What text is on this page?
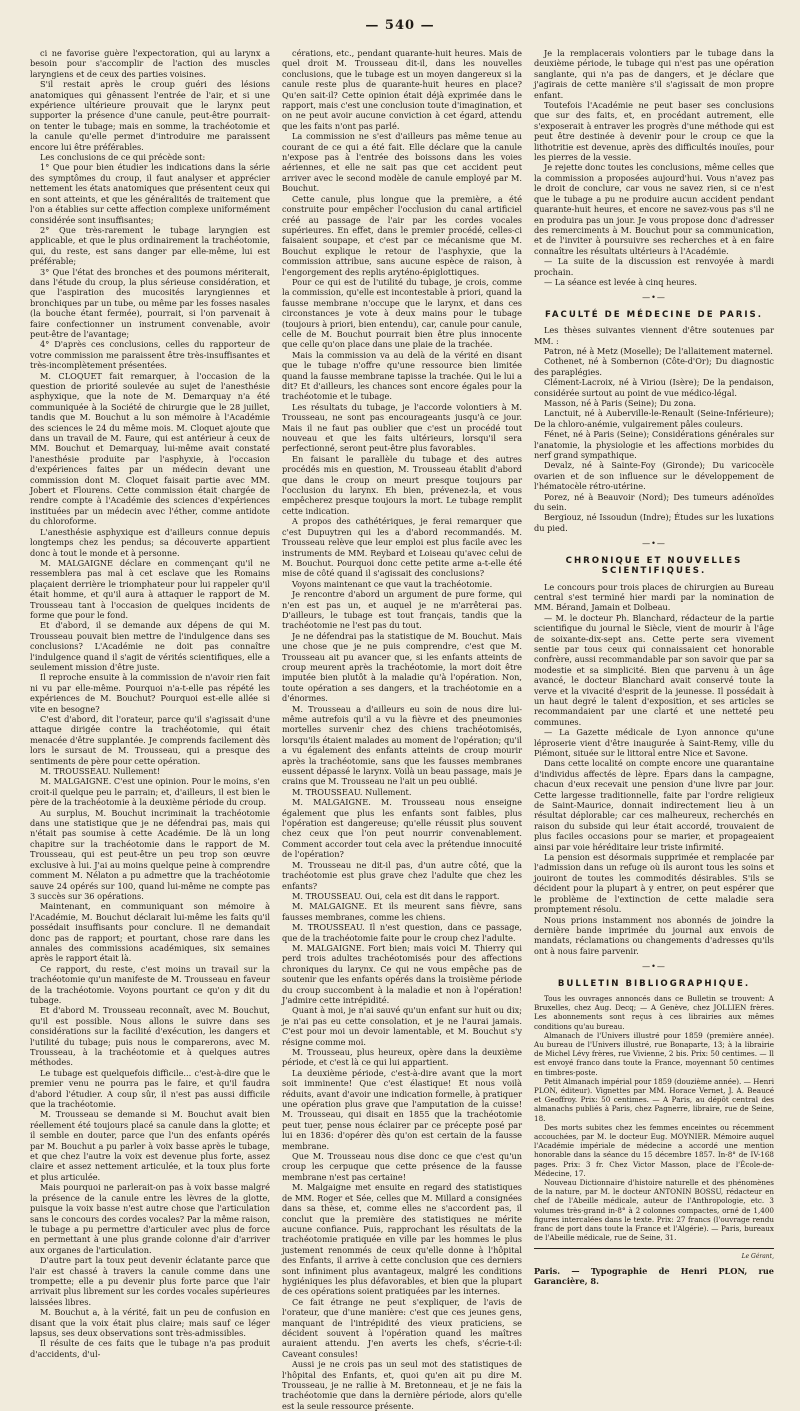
— 540 —

ci ne favorise guère l'expectoration, qui au larynx a besoin pour s'accomplir de l'action des muscles laryngiens et de ceux des parties voisines.

S'il restait après le croup guéri des lésions anatomiques qui gênassent l'entrée de l'air, et si une expérience ultérieure prouvait que le larynx peut supporter la présence d'une canule, peut-être pourrait-on tenter le tubage; mais en somme, la trachéotomie et la canule qu'elle permet d'introduire me paraissent encore lui être préférables.

Les conclusions de ce qui précède sont:

1° Que pour bien étudier les indications dans la série des symptômes du croup, il faut analyser et apprécier nettement les états anatomiques que présentent ceux qui en sont atteints, et que les généralités de traitement que l'on a établies sur cette affection complexe uniformément considérée sont insuffisantes;

2° Que très-rarement le tubage laryngien est applicable, et que le plus ordinairement la trachéotomie, qui, du reste, est sans danger par elle-même, lui est préférable;

3° Que l'état des bronches et des poumons mériterait, dans l'étude du croup, la plus sérieuse considération, et que l'aspiration des mucosités laryngiennes et bronchiques par un tube, ou même par les fosses nasales (la bouche étant fermée), pourrait, si l'on parvenait à faire confectionner un instrument convenable, avoir peut-être de l'avantage;

4° D'après ces conclusions, celles du rapporteur de votre commission me paraissent être très-insuffisantes et très-incomplètement présentées.

M. CLOQUET fait remarquer, à l'occasion de la question de priorité soulevée au sujet de l'anesthésie asphyxique, que la note de M. Demarquay n'a été communiquée à la Société de chirurgie que le 28 juillet, tandis que M. Bouchut a lu son mémoire à l'Académie des sciences le 24 du même mois. M. Cloquet ajoute que dans un travail de M. Faure, qui est antérieur à ceux de MM. Bouchut et Demarquay, lui-même avait constaté l'anesthésie produite par l'asphyxie, à l'occasion d'expériences faites par un médecin devant une commission dont M. Cloquet faisait partie avec MM. Jobert et Flourens. Cette commission était chargée de rendre compte à l'Académie des sciences d'expériences instituées par un médecin avec l'éther, comme antidote du chloroforme.

L'anesthésie asphyxique est d'ailleurs connue depuis longtemps chez les pendus; sa découverte appartient donc à tout le monde et à personne.

M. MALGAIGNE déclare en commençant qu'il ne ressemblera pas mal à cet esclave que les Romains plaçaient derrière le triomphateur pour lui rappeler qu'il était homme, et qu'il aura à attaquer le rapport de M. Trousseau tant à l'occasion de quelques incidents de forme que pour le fond.

Et d'abord, il se demande aux dépens de qui M. Trousseau pouvait bien mettre de l'indulgence dans ses conclusions? L'Académie ne doit pas connaître l'indulgence quand il s'agit de vérités scientifiques, elle a seulement mission d'être juste.

Il reproche ensuite à la commission de n'avoir rien fait ni vu par elle-même. Pourquoi n'a-t-elle pas répété les expériences de M. Bouchut? Pourquoi est-elle allée si vite en besogne?

C'est d'abord, dit l'orateur, parce qu'il s'agissait d'une attaque dirigée contre la trachéotomie, qui était menacée d'être supplantée. Je comprends facilement dès lors le sursaut de M. Trousseau, qui a presque des sentiments de père pour cette opération.

M. TROUSSEAU. Nullement!

M. MALGAIGNE. C'est une opinion. Pour le moins, s'en croit-il quelque peu le parrain; et, d'ailleurs, il est bien le père de la trachéotomie à la deuxième période du croup.

Au surplus, M. Bouchut incriminait la trachéotomie dans une statistique que je ne défendrai pas, mais qui n'était pas soumise à cette Académie. De là un long chapitre sur la trachéotomie dans le rapport de M. Trousseau, qui est peut-être un peu trop son œuvre exclusive à lui. J'ai au moins quelque peine à comprendre comment M. Nélaton a pu admettre que la trachéotomie sauve 24 opérés sur 100, quand lui-même ne compte pas 3 succès sur 36 opérations.

Maintenant, en communiquant son mémoire à l'Académie, M. Bouchut déclarait lui-même les faits qu'il possédait insuffisants pour conclure. Il ne demandait donc pas de rapport; et pourtant, chose rare dans les annales des commissions académiques, six semaines après le rapport était là.

Ce rapport, du reste, c'est moins un travail sur la trachéotomie qu'un manifeste de M. Trousseau en faveur de la trachéotomie. Voyons pourtant ce qu'on y dit du tubage.

Et d'abord M. Trousseau reconnaît, avec M. Bouchut, qu'il est possible. Nous allons le suivre dans ses considérations sur la facilité d'exécution, les dangers et l'utilité du tubage; puis nous le comparerons, avec M. Trousseau, à la trachéotomie et à quelques autres méthodes.

Le tubage est quelquefois difficile... c'est-à-dire que le premier venu ne pourra pas le faire, et qu'il faudra d'abord l'étudier. A coup sûr, il n'est pas aussi difficile que la trachéotomie.

M. Trousseau se demande si M. Bouchut avait bien réellement été toujours placé sa canule dans la glotte; et il semble en douter, parce que l'un des enfants opérés par M. Bouchut a pu parler à voix basse après le tubage, et que chez l'autre la voix est devenue plus forte, assez claire et assez nettement articulée, et la toux plus forte et plus articulée.

Mais pourquoi ne parlerait-on pas à voix basse malgré la présence de la canule entre les lèvres de la glotte, puisque la voix basse n'est autre chose que l'articulation sans le concours des cordes vocales? Par la même raison, le tubage a pu permettre d'articuler avec plus de force en permettant à une plus grande colonne d'air d'arriver aux organes de l'articulation.

D'autre part la toux peut devenir éclatante parce que l'air est chassé à travers la canule comme dans une trompette; elle a pu devenir plus forte parce que l'air arrivait plus librement sur les cordes vocales supérieures laissées libres.

M. Bouchut a, à la vérité, fait un peu de confusion en disant que la voix était plus claire; mais sauf ce léger lapsus, ses deux observations sont très-admissibles.

Il résulte de ces faits que le tubage n'a pas produit d'accidents, d'ul-

cérations, etc., pendant quarante-huit heures. Mais de quel droit M. Trousseau dit-il, dans les nouvelles conclusions, que le tubage est un moyen dangereux si la canule reste plus de quarante-huit heures en place? Qu'en sait-il? Cette opinion était déjà exprimée dans le rapport, mais c'est une conclusion toute d'imagination, et on ne peut avoir aucune conviction à cet égard, attendu que les faits n'ont pas parlé.

La commission ne s'est d'ailleurs pas même tenue au courant de ce qui a été fait. Elle déclare que la canule n'expose pas à l'entrée des boissons dans les voies aériennes, et elle ne sait pas que cet accident peut arriver avec le second modèle de canule employé par M. Bouchut.

Cette canule, plus longue que la première, a été construite pour empêcher l'occlusion du canal artificiel créé au passage de l'air par les cordes vocales supérieures. En effet, dans le premier procédé, celles-ci faisaient soupape, et c'est par ce mécanisme que M. Bouchut explique le retour de l'asphyxie, que la commission attribue, sans aucune espèce de raison, à l'engorgement des replis aryténo-épiglottiques.

Pour ce qui est de l'utilité du tubage, je crois, comme la commission, qu'elle est incontestable à priori, quand la fausse membrane n'occupe que le larynx, et dans ces circonstances je vote à deux mains pour le tubage (toujours à priori, bien entendu), car, canule pour canule, celle de M. Bouchut pourrait bien être plus innocente que celle qu'on place dans une plaie de la trachée.

Mais la commission va au delà de la vérité en disant que le tubage n'offre qu'une ressource bien limitée quand la fausse membrane tapisse la trachée. Qui le lui a dit? Et d'ailleurs, les chances sont encore égales pour la trachéotomie et le tubage.

Les résultats du tubage, je l'accorde volontiers à M. Trousseau, ne sont pas encourageants jusqu'à ce jour. Mais il ne faut pas oublier que c'est un procédé tout nouveau et que les faits ultérieurs, lorsqu'il sera perfectionné, seront peut-être plus favorables.

En faisant le parallèle du tubage et des autres procédés mis en question, M. Trousseau établit d'abord que dans le croup on meurt presque toujours par l'occlusion du larynx. Eh bien, prévenez-la, et vous empêcherez presque toujours la mort. Le tubage remplit cette indication.

A propos des cathétériques, je ferai remarquer que c'est Dupuytren qui les a d'abord recommandés. M. Trousseau relève que leur emploi est plus facile avec les instruments de MM. Reybard et Loiseau qu'avec celui de M. Bouchut. Pourquoi donc cette petite arme a-t-elle été mise de côté quand il s'agissait des conclusions?

Voyons maintenant ce que vaut la trachéotomie.

Je rencontre d'abord un argument de pure forme, qui n'en est pas un, et auquel je ne m'arrêterai pas. D'ailleurs, le tubage est tout français, tandis que la trachéotomie ne l'est pas du tout.

Je ne défendrai pas la statistique de M. Bouchut. Mais une chose que je ne puis comprendre, c'est que M. Trousseau ait pu avancer que, si les enfants atteints de croup meurent après la trachéotomie, la mort doit être imputée bien plutôt à la maladie qu'à l'opération. Non, toute opération a ses dangers, et la trachéotomie en a d'énormes.

M. Trousseau a d'ailleurs eu soin de nous dire lui-même autrefois qu'il a vu la fièvre et des pneumonies mortelles survenir chez des chiens trachéotomisés, lorsqu'ils étaient malades au moment de l'opération; qu'il a vu également des enfants atteints de croup mourir après la trachéotomie, sans que les fausses membranes eussent dépassé le larynx. Voilà un beau passage, mais je crains que M. Trousseau ne l'ait un peu oublié.

M. TROUSSEAU. Nullement.

M. MALGAIGNE. M. Trousseau nous enseigne également que plus les enfants sont faibles, plus l'opération est dangereuse; qu'elle réussit plus souvent chez ceux que l'on peut nourrir convenablement. Comment accorder tout cela avec la prétendue innocuité de l'opération?

M. Trousseau ne dit-il pas, d'un autre côté, que la trachéotomie est plus grave chez l'adulte que chez les enfants?

M. TROUSSEAU. Oui, cela est dit dans le rapport.

M. MALGAIGNE. Et ils meurent sans fièvre, sans fausses membranes, comme les chiens.

M. TROUSSEAU. Il n'est question, dans ce passage, que de la trachéotomie faite pour le croup chez l'adulte.

M. MALGAIGNE. Fort bien; mais voici M. Thierry qui perd trois adultes trachéotomisés pour des affections chroniques du larynx. Ce qui ne vous empêche pas de soutenir que les enfants opérés dans la troisième période du croup succombent à la maladie et non à l'opération! J'admire cette intrépidité.

Quant à moi, je n'ai sauvé qu'un enfant sur huit ou dix; je n'ai pas eu cette consolation, et je ne l'aurai jamais. C'est pour moi un devoir lamentable, et M. Bouchut s'y résigne comme moi.

M. Trousseau, plus heureux, opère dans la deuxième période, et c'est là ce qui lui appartient.

La deuxième période, c'est-à-dire avant que la mort soit imminente! Que c'est élastique! Et nous voilà réduits, avant d'avoir une indication formelle, à pratiquer une opération plus grave que l'amputation de la cuisse! M. Trousseau, qui disait en 1855 que la trachéotomie peut tuer, pense nous éclairer par ce précepte posé par lui en 1836: d'opérer dès qu'on est certain de la fausse membrane.

Que M. Trousseau nous dise donc ce que c'est qu'un croup les cerpuque que cette présence de la fausse membrane n'est pas certaine!

M. Malgaigne met ensuite en regard des statistiques de MM. Roger et Sée, celles que M. Millard a consignées dans sa thèse, et, comme elles ne s'accordent pas, il conclut que la première des statistiques ne mérite aucune confiance. Puis, rapprochant les résultats de la trachéotomie pratiquée en ville par les hommes le plus justement renommés de ceux qu'elle donne à l'hôpital des Enfants, il arrive à cette conclusion que ces derniers sont infiniment plus avantageux, malgré les conditions hygiéniques les plus défavorables, et bien que la plupart de ces opérations soient pratiquées par les internes.

Ce fait étrange ne peut s'expliquer, de l'avis de l'orateur, que d'une manière: c'est que ces jeunes gens, manquant de l'intrépidité des vieux praticiens, se décident souvent à l'opération quand les maîtres auraient attendu. J'en averts les chefs, s'écrie-t-il: Caveant consules!

Aussi je ne crois pas un seul mot des statistiques de l'hôpital des Enfants, et, quoi qu'en ait pu dire M. Trousseau, je ne rallie à M. Bretonneau, et je ne fais la trachéotomie que dans la dernière période, alors qu'elle est la seule ressource présente.

Je la remplacerais volontiers par le tubage dans la deuxième période, le tubage qui n'est pas une opération sanglante, qui n'a pas de dangers, et je déclare que j'agirais de cette manière s'il s'agissait de mon propre enfant.

Toutefois l'Académie ne peut baser ses conclusions que sur des faits, et, en procédant autrement, elle s'exposerait à entraver les progrès d'une méthode qui est peut être destinée à devenir pour le croup ce que la lithotritie est devenue, après des difficultés inouïes, pour les pierres de la vessie.

Je rejette donc toutes les conclusions, même celles que la commission a proposées aujourd'hui. Vous n'avez pas le droit de conclure, car vous ne savez rien, si ce n'est que le tubage a pu ne produire aucun accident pendant quarante-huit heures, et encore ne savez-vous pas s'il ne en produira pas un jour. Je vous propose donc d'adresser des remerciments à M. Bouchut pour sa communication, et de l'inviter à poursuivre ses recherches et à en faire connaître les résultats ultérieurs à l'Académie.

— La suite de la discussion est renvoyée à mardi prochain.

— La séance est levée à cinq heures.

—•—
FACULTÉ DE MÉDECINE DE PARIS.

Les thèses suivantes viennent d'être soutenues par MM. :

Patron, né à Metz (Moselle); De l'allaitement maternel.

Cothenet, né à Sombernon (Côte-d'Or); Du diagnostic des paraplégies.

Clément-Lacroix, né à Viriou (Isère); De la pendaison, considérée surtout au point de vue médico-légal.

Masson, né à Paris (Seine); Du zona.

Lanctuit, né à Auberville-le-Renault (Seine-Inférieure); De la chloro-anémie, vulgairement pâles couleurs.

Fénet, né à Paris (Seine); Considérations générales sur l'anatomie, la physiologie et les affections morbides du nerf grand sympathique.

Devalz, né à Sainte-Foy (Gironde); Du varicocèle ovarien et de son influence sur le développement de l'hématocèle rétro-utérine.

Porez, né à Beauvoir (Nord); Des tumeurs adénoïdes du sein.

Bergiouz, né Issoudun (Indre); Études sur les luxations du pied.

—•—
CHRONIQUE ET NOUVELLES SCIENTIFIQUES.

Le concours pour trois places de chirurgien au Bureau central s'est terminé hier mardi par la nomination de MM. Bérand, Jamain et Dolbeau.

— M. le docteur Ph. Blanchard, rédacteur de la partie scientifique du journal le Siècle, vient de mourir à l'âge de soixante-dix-sept ans. Cette perte sera vivement sentie par tous ceux qui connaissaient cet honorable confrère, aussi recommandable par son savoir que par sa modestie et sa simplicité. Bien que parvenu à un âge avancé, le docteur Blanchard avait conservé toute la verve et la vivacité d'esprit de la jeunesse. Il possédait à un haut degré le talent d'exposition, et ses articles se recommandaient par une clarté et une netteté peu communes.

— La Gazette médicale de Lyon annonce qu'une léproserie vient d'être inaugurée à Saint-Remy, ville du Piémont, située sur le littoral entre Nice et Savone.

Dans cette localité on compte encore une quarantaine d'individus affectés de lèpre. Épars dans la campagne, chacun d'eux recevait une pension d'une livre par jour. Cette largesse traditionnelle, faite par l'ordre religieux de Saint-Maurice, donnait indirectement lieu à un résultat déplorable; car ces malheureux, recherchés en raison du subside qui leur était accordé, trouvaient de plus faciles occasions pour se marier, et propageaient ainsi par voie héréditaire leur triste infirmité.

La pension est désormais supprimée et remplacée par l'admission dans un refuge où ils auront tous les soins et jouiront de toutes les commodités désirables. S'ils se décident pour la plupart à y entrer, on peut espérer que le problème de l'extinction de cette maladie sera promptement résolu.

Nous prions instamment nos abonnés de joindre la dernière bande imprimée du journal aux envois de mandats, réclamations ou changements d'adresses qu'ils ont à nous faire parvenir.

—•—
BULLETIN BIBLIOGRAPHIQUE.

Tous les ouvrages annoncés dans ce Bulletin se trouvent: A Bruxelles, chez Aug. Decq; — A Genève, chez JOLLIEN frères. Les abonnements sont reçus à ces librairies aux mêmes conditions qu'au bureau.

Almanach de l'Univers illustré pour 1859 (première année). Au bureau de l'Univers illustré, rue Bonaparte, 13; à la librairie de Michel Lévy frères, rue Vivienne, 2 bis. Prix: 50 centimes. — Il est envoyé franco dans toute la France, moyennant 50 centimes en timbres-poste.

Petit Almanach impérial pour 1859 (douzième année). — Henri PLON, éditeur). Vignettes par MM. Horace Vernet, J. A. Beaucé et Geoffroy. Prix: 50 centimes. — A Paris, au dépôt central des almanachs publiés à Paris, chez Pagnerre, libraire, rue de Seine, 18.

Des morts subites chez les femmes enceintes ou récemment accouchées, par M. le docteur Eug. MOYNIER. Mémoire auquel l'Académie impériale de médecine a accordé une mention honorable dans la séance du 15 décembre 1857. In-8° de IV-168 pages. Prix: 3 fr. Chez Victor Masson, place de l'École-de-Médecine, 17.

Nouveau Dictionnaire d'histoire naturelle et des phénomènes de la nature, par M. le docteur ANTONIN BOSSU, rédacteur en chef de l'Abeille médicale, auteur de l'Anthropologie, etc. 3 volumes très-grand in-8° à 2 colonnes compactes, orné de 1,400 figures intercalées dans le texte. Prix: 27 francs (l'ouvrage rendu franc de port dans toute la France et l'Algérie). — Paris, bureaux de l'Abeille médicale, rue de Seine, 31.

Le Gérant,
Paris. — Typographie de Henri PLON, rue Garancière, 8.
